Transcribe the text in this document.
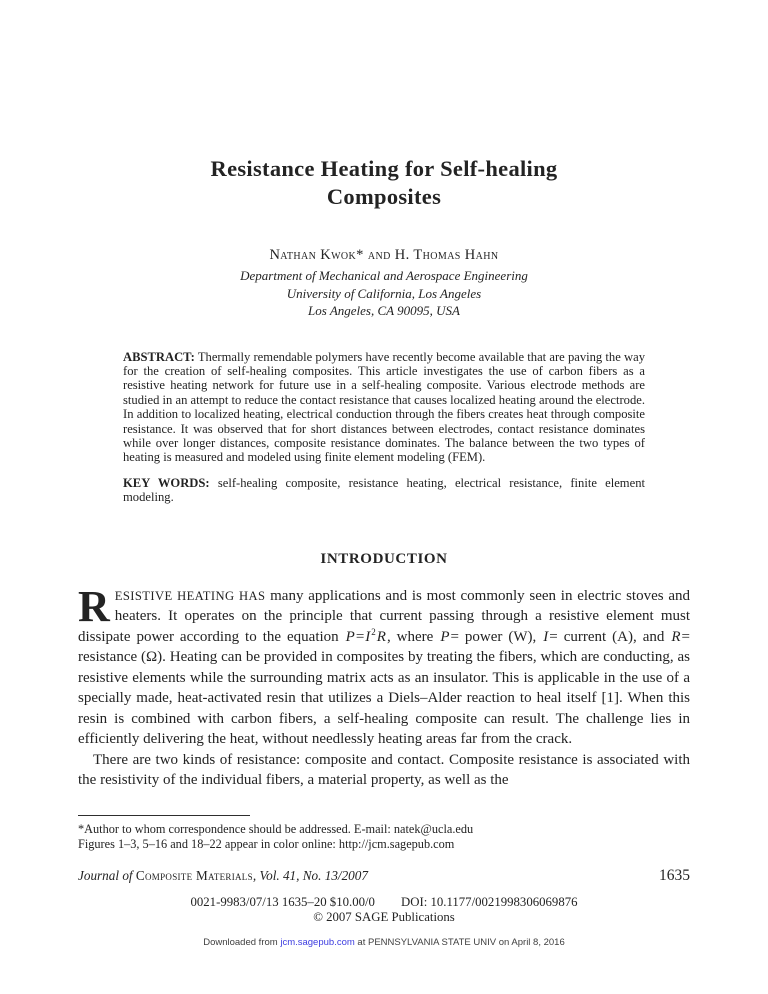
Resistance Heating for Self-healing
Composites
Nathan Kwok* and H. Thomas Hahn
Department of Mechanical and Aerospace Engineering
University of California, Los Angeles
Los Angeles, CA 90095, USA

ABSTRACT: Thermally remendable polymers have recently become available that are paving the way for the creation of self-healing composites. This article investigates the use of carbon fibers as a resistive heating network for future use in a self-healing composite. Various electrode methods are studied in an attempt to reduce the contact resistance that causes localized heating around the electrode. In addition to localized heating, electrical conduction through the fibers creates heat through composite resistance. It was observed that for short distances between electrodes, contact resistance dominates while over longer distances, composite resistance dominates. The balance between the two types of heating is measured and modeled using finite element modeling (FEM).

KEY WORDS: self-healing composite, resistance heating, electrical resistance, finite element modeling.

INTRODUCTION

RESISTIVE HEATING HAS many applications and is most commonly seen in electric stoves and heaters. It operates on the principle that current passing through a resistive element must dissipate power according to the equation $P=I^2R$, where P= power (W), I= current (A), and R= resistance (Ω). Heating can be provided in composites by treating the fibers, which are conducting, as resistive elements while the surrounding matrix acts as an insulator. This is applicable in the use of a specially made, heat-activated resin that utilizes a Diels–Alder reaction to heal itself [1]. When this resin is combined with carbon fibers, a self-healing composite can result. The challenge lies in efficiently delivering the heat, without needlessly heating areas far from the crack.

There are two kinds of resistance: composite and contact. Composite resistance is associated with the resistivity of the individual fibers, a material property, as well as the

*Author to whom correspondence should be addressed. E-mail: natek@ucla.edu
Figures 1–3, 5–16 and 18–22 appear in color online: http://jcm.sagepub.com
Journal of Composite Materials, Vol. 41, No. 13/2007	1635
0021-9983/07/13 1635–20 $10.00/0 DOI: 10.1177/0021998306069876
© 2007 SAGE Publications
Downloaded from jcm.sagepub.com at PENNSYLVANIA STATE UNIV on April 8, 2016
